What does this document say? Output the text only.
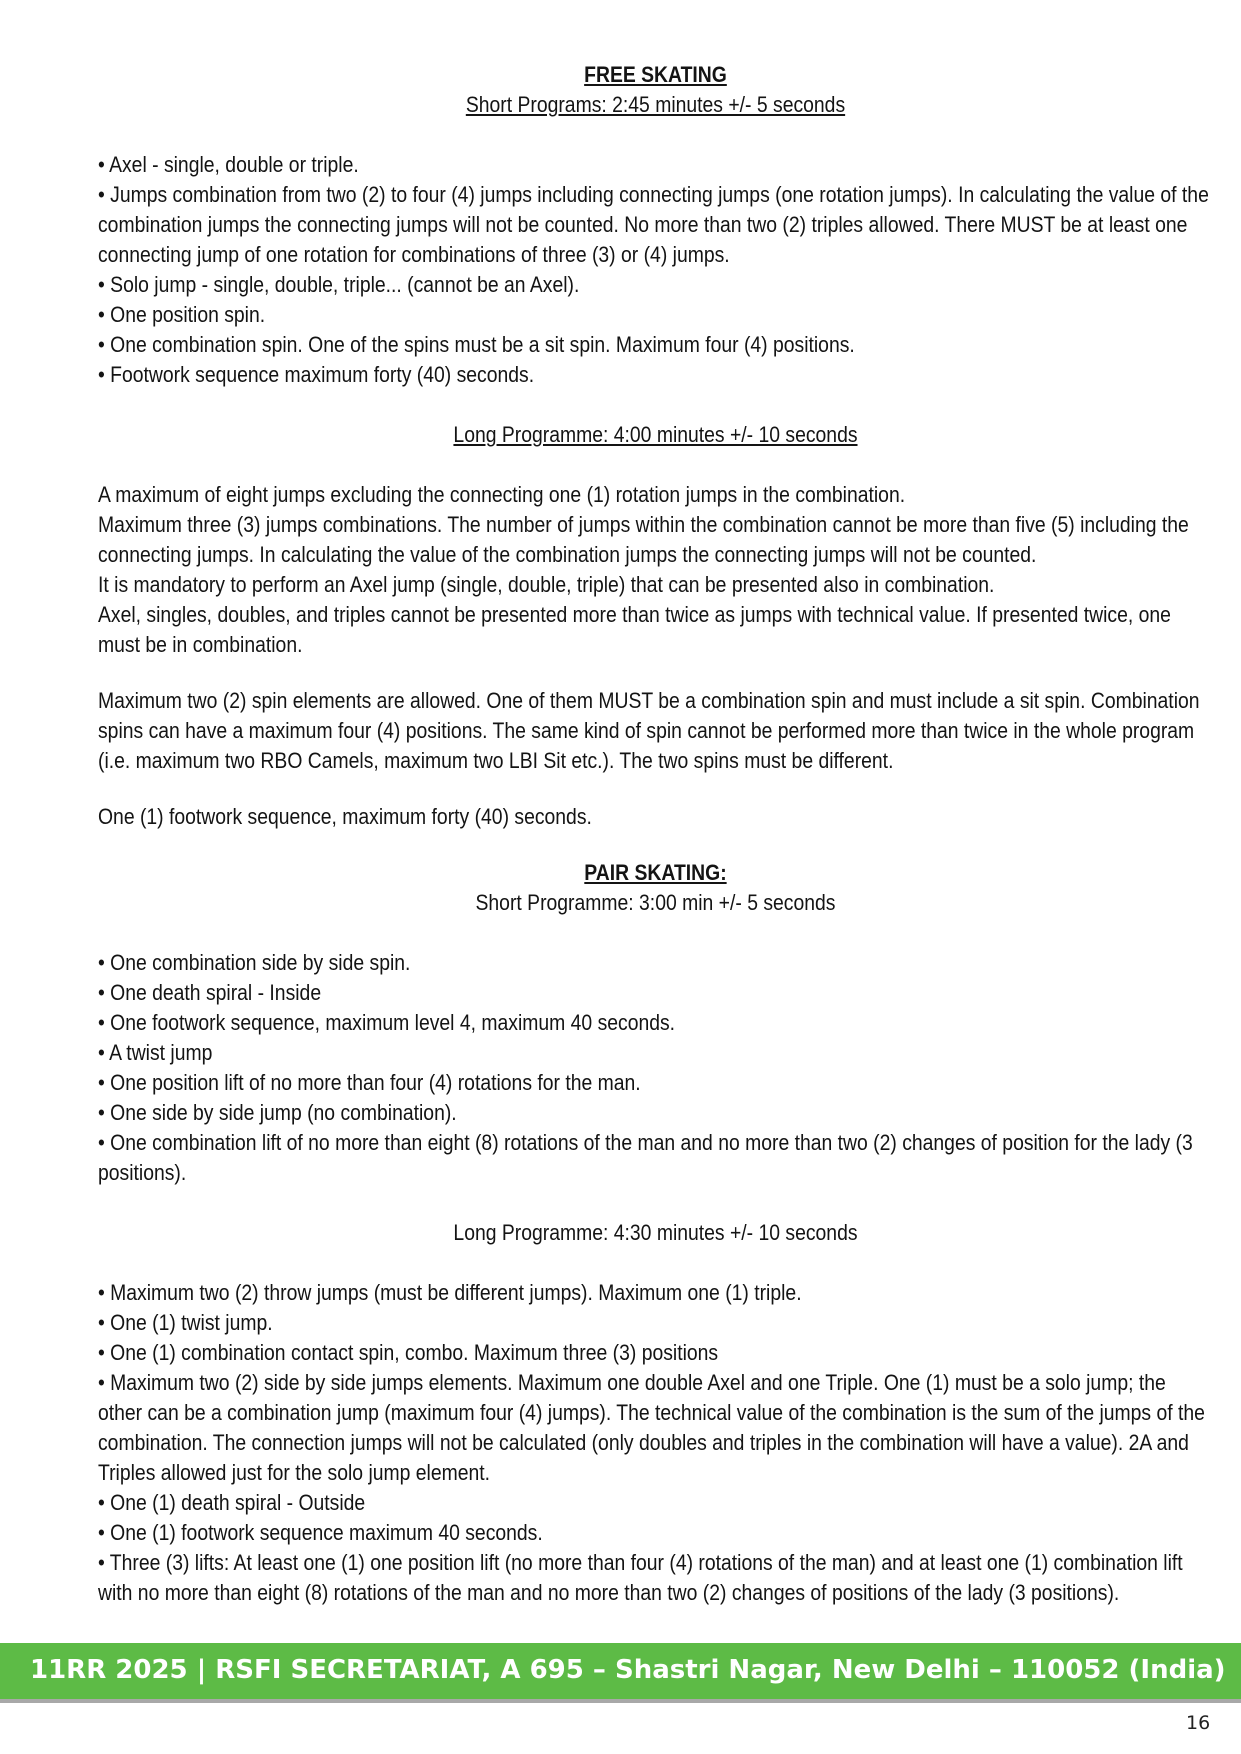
FREE SKATING

Short Programs: 2:45 minutes +/- 5 seconds

• Axel - single, double or triple.
• Jumps combination from two (2) to four (4) jumps including connecting jumps (one rotation jumps). In calculating the value of the combination jumps the connecting jumps will not be counted. No more than two (2) triples allowed. There MUST be at least one connecting jump of one rotation for combinations of three (3) or (4) jumps.
• Solo jump - single, double, triple... (cannot be an Axel).
• One position spin.
• One combination spin. One of the spins must be a sit spin. Maximum four (4) positions.
• Footwork sequence maximum forty (40) seconds.

Long Programme: 4:00 minutes +/- 10 seconds

A maximum of eight jumps excluding the connecting one (1) rotation jumps in the combination.

Maximum three (3) jumps combinations. The number of jumps within the combination cannot be more than five (5) including the connecting jumps. In calculating the value of the combination jumps the connecting jumps will not be counted.

It is mandatory to perform an Axel jump (single, double, triple) that can be presented also in combination.

Axel, singles, doubles, and triples cannot be presented more than twice as jumps with technical value. If presented twice, one must be in combination.

Maximum two (2) spin elements are allowed. One of them MUST be a combination spin and must include a sit spin. Combination spins can have a maximum four (4) positions. The same kind of spin cannot be performed more than twice in the whole program (i.e. maximum two RBO Camels, maximum two LBI Sit etc.). The two spins must be different.

One (1) footwork sequence, maximum forty (40) seconds.

PAIR SKATING:

Short Programme: 3:00 min +/- 5 seconds

• One combination side by side spin.
• One death spiral - Inside
• One footwork sequence, maximum level 4, maximum 40 seconds.
• A twist jump
• One position lift of no more than four (4) rotations for the man.
• One side by side jump (no combination).
• One combination lift of no more than eight (8) rotations of the man and no more than two (2) changes of position for the lady (3 positions).

Long Programme: 4:30 minutes +/- 10 seconds

• Maximum two (2) throw jumps (must be different jumps). Maximum one (1) triple.
• One (1) twist jump.
• One (1) combination contact spin, combo. Maximum three (3) positions
• Maximum two (2) side by side jumps elements. Maximum one double Axel and one Triple. One (1) must be a solo jump; the other can be a combination jump (maximum four (4) jumps). The technical value of the combination is the sum of the jumps of the combination. The connection jumps will not be calculated (only doubles and triples in the combination will have a value). 2A and Triples allowed just for the solo jump element.
• One (1) death spiral - Outside
• One (1) footwork sequence maximum 40 seconds.
• Three (3) lifts: At least one (1) one position lift (no more than four (4) rotations of the man) and at least one (1) combination lift with no more than eight (8) rotations of the man and no more than two (2) changes of positions of the lady (3 positions).
11RR 2025 | RSFI SECRETARIAT, A 695 – Shastri Nagar, New Delhi – 110052 (India)
16
